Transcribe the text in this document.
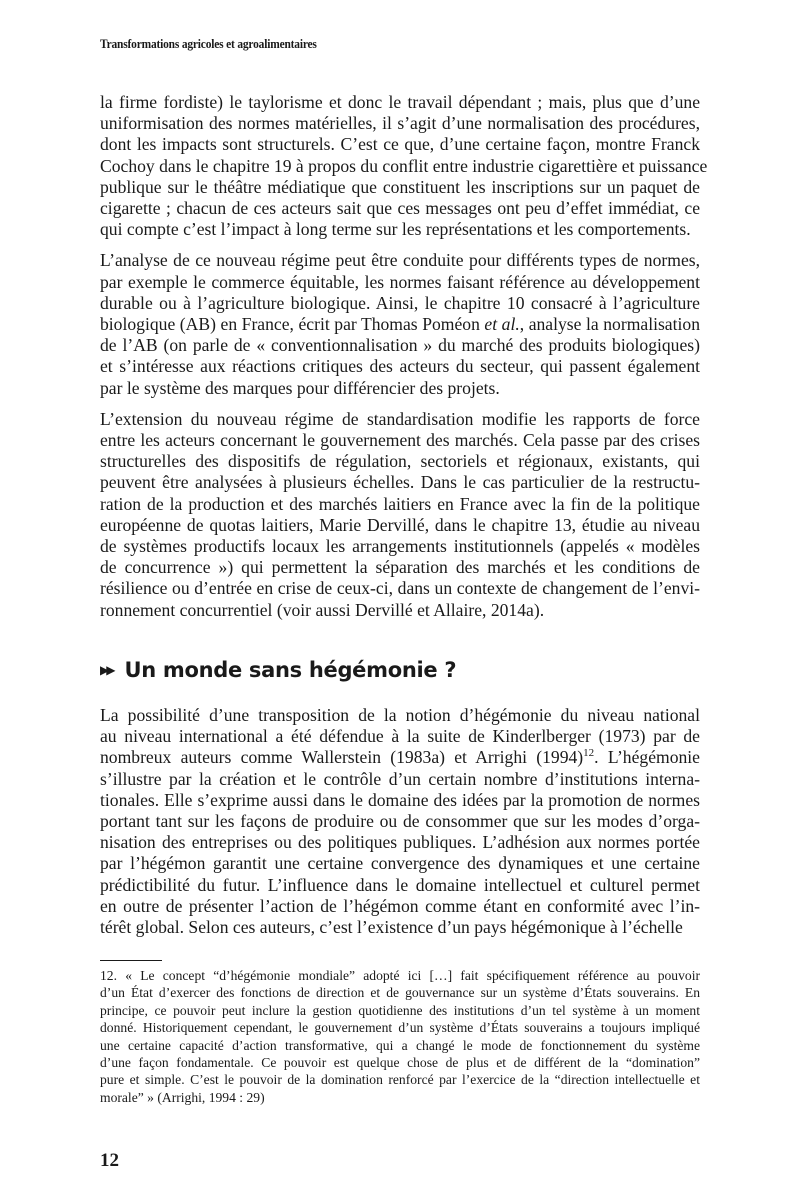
Transformations agricoles et agroalimentaires

la firme fordiste) le taylorisme et donc le travail dépendant ; mais, plus que d’une
uniformisation des normes matérielles, il s’agit d’une normalisation des procédures,
dont les impacts sont structurels. C’est ce que, d’une certaine façon, montre Franck
Cochoy dans le chapitre 19 à propos du conflit entre industrie cigarettière et puissance
publique sur le théâtre médiatique que constituent les inscriptions sur un paquet de
cigarette ; chacun de ces acteurs sait que ces messages ont peu d’effet immédiat, ce
qui compte c’est l’impact à long terme sur les représentations et les comportements.

L’analyse de ce nouveau régime peut être conduite pour différents types de normes,
par exemple le commerce équitable, les normes faisant référence au développement
durable ou à l’agriculture biologique. Ainsi, le chapitre 10 consacré à l’agriculture
biologique (AB) en France, écrit par Thomas Poméon et al., analyse la normalisation
de l’AB (on parle de « conventionnalisation » du marché des produits biologiques)
et s’intéresse aux réactions critiques des acteurs du secteur, qui passent également
par le système des marques pour différencier des projets.

L’extension du nouveau régime de standardisation modifie les rapports de force
entre les acteurs concernant le gouvernement des marchés. Cela passe par des crises
structurelles des dispositifs de régulation, sectoriels et régionaux, existants, qui
peuvent être analysées à plusieurs échelles. Dans le cas particulier de la restructu-
ration de la production et des marchés laitiers en France avec la fin de la politique
européenne de quotas laitiers, Marie Dervillé, dans le chapitre 13, étudie au niveau
de systèmes productifs locaux les arrangements institutionnels (appelés « modèles
de concurrence ») qui permettent la séparation des marchés et les conditions de
résilience ou d’entrée en crise de ceux-ci, dans un contexte de changement de l’envi-
ronnement concurrentiel (voir aussi Dervillé et Allaire, 2014a).

▶▶ Un monde sans hégémonie ?

La possibilité d’une transposition de la notion d’hégémonie du niveau national
au niveau international a été défendue à la suite de Kinderlberger (1973) par de
nombreux auteurs comme Wallerstein (1983a) et Arrighi $(1994)^{12}$. L’hégémonie
s’illustre par la création et le contrôle d’un certain nombre d’institutions interna-
tionales. Elle s’exprime aussi dans le domaine des idées par la promotion de normes
portant tant sur les façons de produire ou de consommer que sur les modes d’orga-
nisation des entreprises ou des politiques publiques. L’adhésion aux normes portée
par l’hégémon garantit une certaine convergence des dynamiques et une certaine
prédictibilité du futur. L’influence dans le domaine intellectuel et culturel permet
en outre de présenter l’action de l’hégémon comme étant en conformité avec l’in-
térêt global. Selon ces auteurs, c’est l’existence d’un pays hégémonique à l’échelle

12. « Le concept “d’hégémonie mondiale” adopté ici […] fait spécifiquement référence au pouvoir
d’un État d’exercer des fonctions de direction et de gouvernance sur un système d’États souverains. En
principe, ce pouvoir peut inclure la gestion quotidienne des institutions d’un tel système à un moment
donné. Historiquement cependant, le gouvernement d’un système d’États souverains a toujours impliqué
une certaine capacité d’action transformative, qui a changé le mode de fonctionnement du système
d’une façon fondamentale. Ce pouvoir est quelque chose de plus et de différent de la “domination”
pure et simple. C’est le pouvoir de la domination renforcé par l’exercice de la “direction intellectuelle et
morale” » (Arrighi, 1994 : 29)
12
